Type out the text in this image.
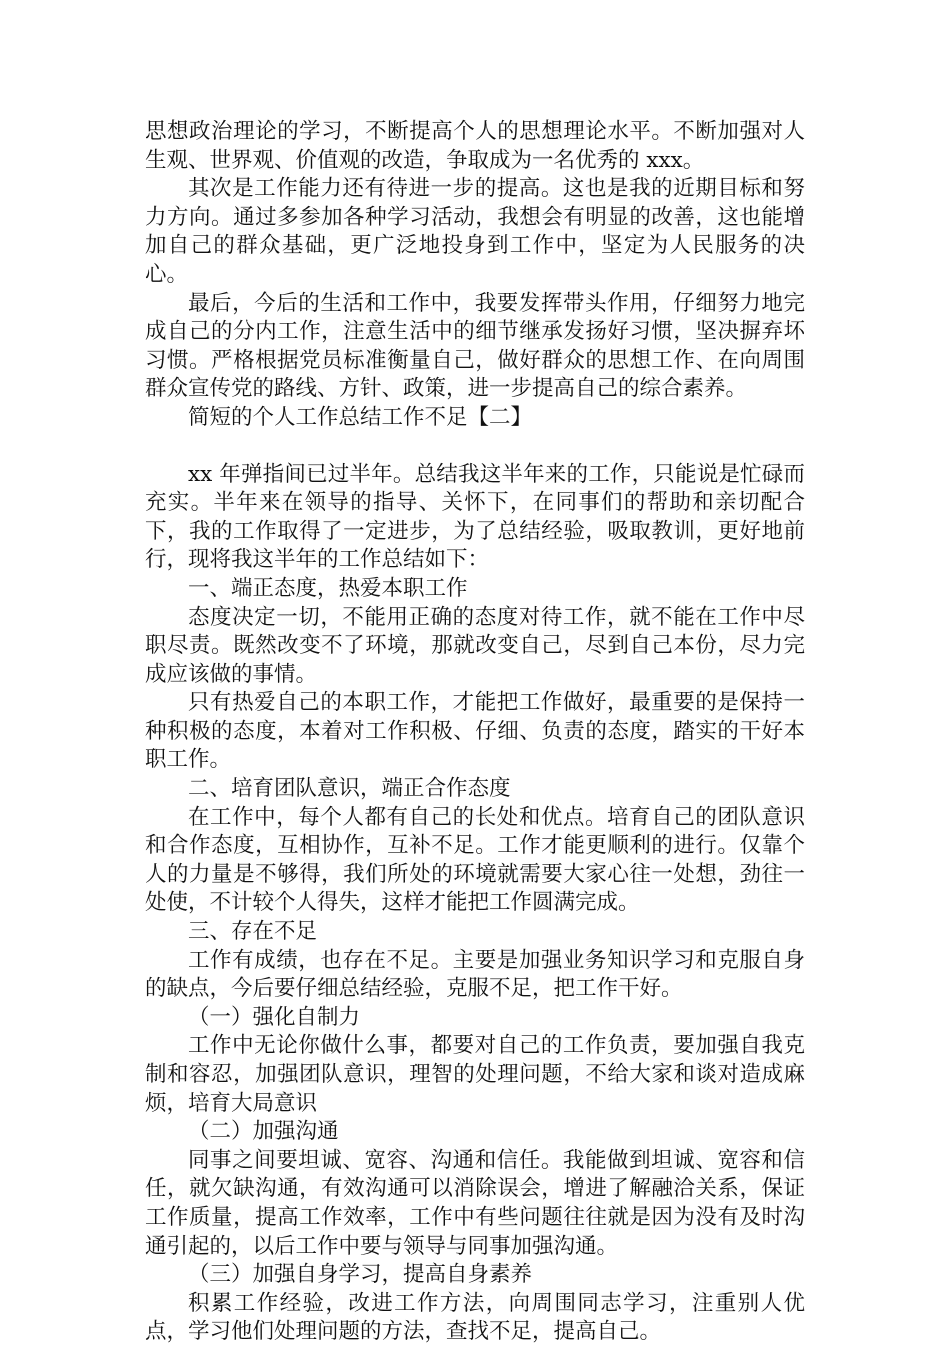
思想政治理论的学习，不断提高个人的思想理论水平。不断加强对人生观、世界观、价值观的改造，争取成为一名优秀的 xxx。

其次是工作能力还有待进一步的提高。这也是我的近期目标和努力方向。通过多参加各种学习活动，我想会有明显的改善，这也能增加自己的群众基础，更广泛地投身到工作中，坚定为人民服务的决心。

最后，今后的生活和工作中，我要发挥带头作用，仔细努力地完成自己的分内工作，注意生活中的细节继承发扬好习惯，坚决摒弃坏习惯。严格根据党员标准衡量自己，做好群众的思想工作、在向周围群众宣传党的路线、方针、政策，进一步提高自己的综合素养。

简短的个人工作总结工作不足【二】

xx 年弹指间已过半年。总结我这半年来的工作，只能说是忙碌而充实。半年来在领导的指导、关怀下，在同事们的帮助和亲切配合下，我的工作取得了一定进步，为了总结经验，吸取教训，更好地前行，现将我这半年的工作总结如下：

一、端正态度，热爱本职工作

态度决定一切，不能用正确的态度对待工作，就不能在工作中尽职尽责。既然改变不了环境，那就改变自己，尽到自己本份，尽力完成应该做的事情。

只有热爱自己的本职工作，才能把工作做好，最重要的是保持一种积极的态度，本着对工作积极、仔细、负责的态度，踏实的干好本职工作。

二、培育团队意识，端正合作态度

在工作中，每个人都有自己的长处和优点。培育自己的团队意识和合作态度，互相协作，互补不足。工作才能更顺利的进行。仅靠个人的力量是不够得，我们所处的环境就需要大家心往一处想，劲往一处使，不计较个人得失，这样才能把工作圆满完成。

三、存在不足

工作有成绩，也存在不足。主要是加强业务知识学习和克服自身的缺点，今后要仔细总结经验，克服不足，把工作干好。

（一）强化自制力

工作中无论你做什么事，都要对自己的工作负责，要加强自我克制和容忍，加强团队意识，理智的处理问题，不给大家和谈对造成麻烦，培育大局意识

（二）加强沟通

同事之间要坦诚、宽容、沟通和信任。我能做到坦诚、宽容和信任，就欠缺沟通，有效沟通可以消除误会，增进了解融洽关系，保证工作质量，提高工作效率，工作中有些问题往往就是因为没有及时沟通引起的，以后工作中要与领导与同事加强沟通。

（三）加强自身学习，提高自身素养

积累工作经验，改进工作方法，向周围同志学习，注重别人优点，学习他们处理问题的方法，查找不足，提高自己。
